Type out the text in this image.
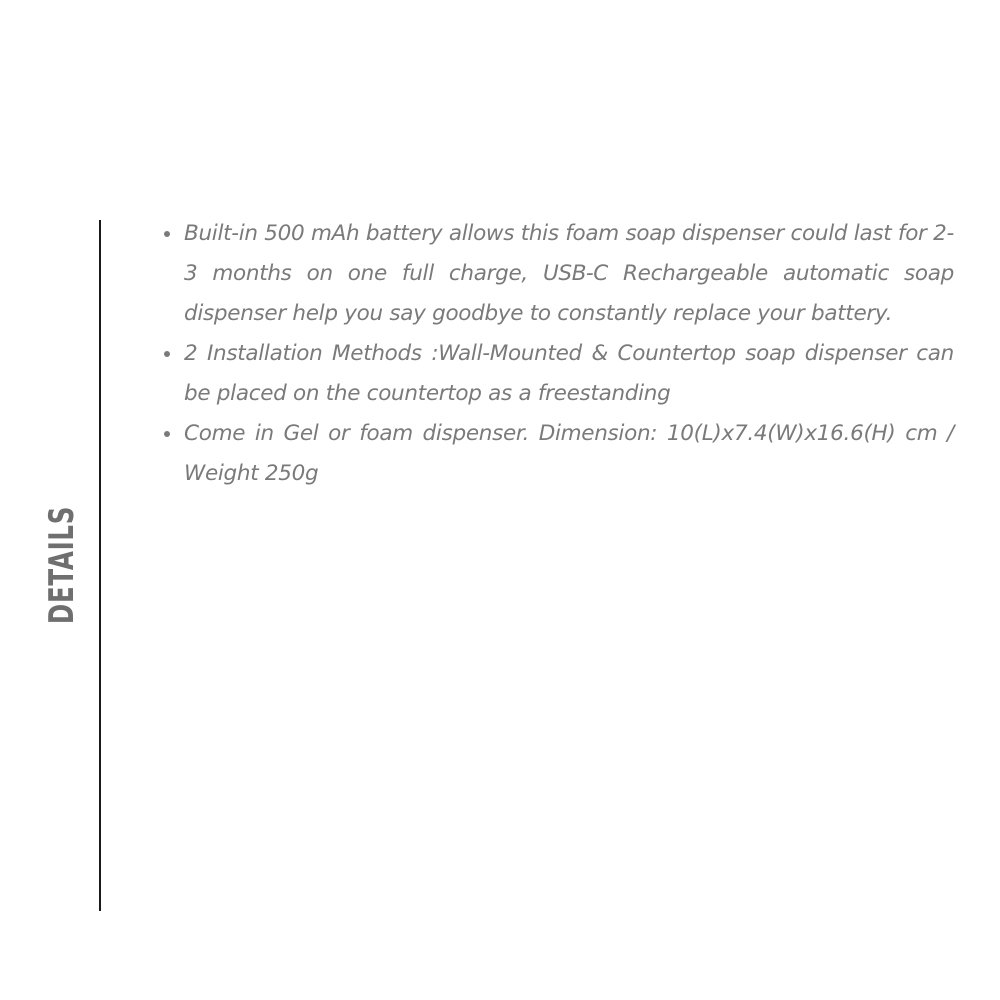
DETAILS
Built-in 500 mAh battery allows this foam soap dispenser could last for 2-3 months on one full charge, USB-C Rechargeable automatic soap dispenser help you say goodbye to constantly replace your battery.
2 Installation Methods :Wall-Mounted & Countertop soap dispenser can be placed on the countertop as a freestanding
Come in Gel or foam dispenser. Dimension: 10(L)x7.4(W)x16.6(H) cm / Weight 250g
